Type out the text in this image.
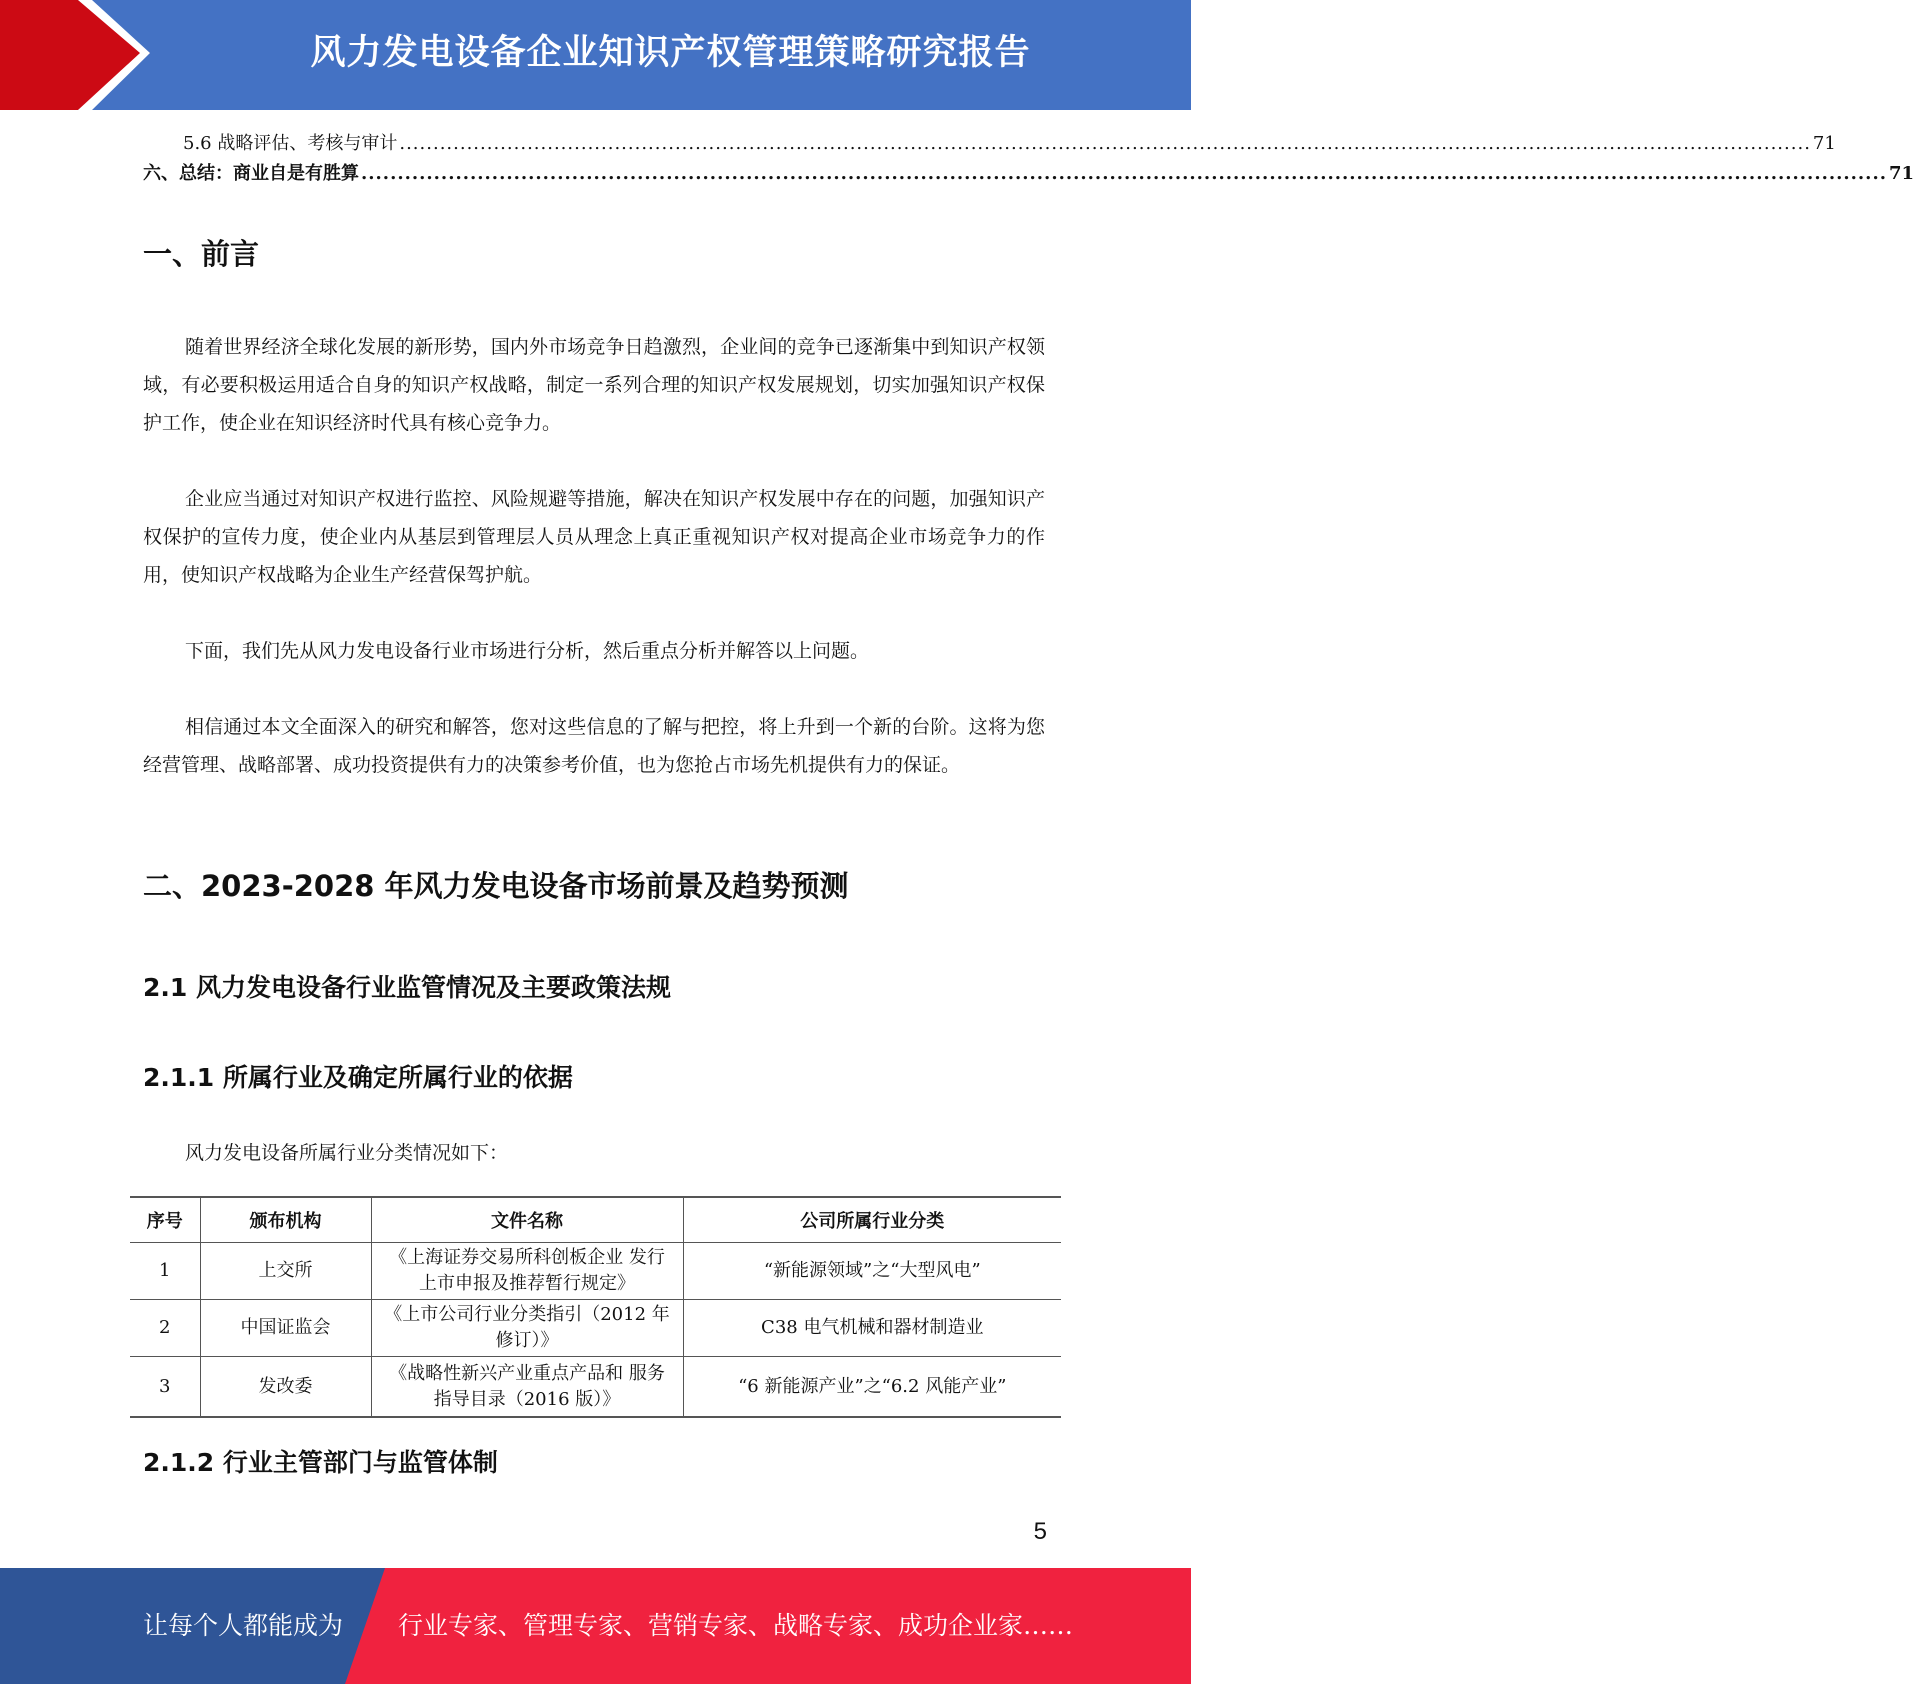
风力发电设备企业知识产权管理策略研究报告
5.6 战略评估、考核与审计 .................................................................................................................................................................................................................. 71
六、总结：商业自是有胜算 .................................................................................................................................................................................................................. 71
一、前言

随着世界经济全球化发展的新形势，国内外市场竞争日趋激烈，企业间的竞争已逐渐集中到知识产权领域，有必要积极运用适合自身的知识产权战略，制定一系列合理的知识产权发展规划，切实加强知识产权保护工作，使企业在知识经济时代具有核心竞争力。

企业应当通过对知识产权进行监控、风险规避等措施，解决在知识产权发展中存在的问题，加强知识产权保护的宣传力度，使企业内从基层到管理层人员从理念上真正重视知识产权对提高企业市场竞争力的作用，使知识产权战略为企业生产经营保驾护航。

下面，我们先从风力发电设备行业市场进行分析，然后重点分析并解答以上问题。

相信通过本文全面深入的研究和解答，您对这些信息的了解与把控，将上升到一个新的台阶。这将为您经营管理、战略部署、成功投资提供有力的决策参考价值，也为您抢占市场先机提供有力的保证。

二、2023-2028 年风力发电设备市场前景及趋势预测
2.1 风力发电设备行业监管情况及主要政策法规
2.1.1 所属行业及确定所属行业的依据

风力发电设备所属行业分类情况如下：

序号	颁布机构	文件名称	公司所属行业分类
1	上交所	《上海证券交易所科创板企业 发行
上市申报及推荐暂行规定》	“新能源领域”之“大型风电”
2	中国证监会	《上市公司行业分类指引（2012 年
修订）》	C38 电气机械和器材制造业
3	发改委	《战略性新兴产业重点产品和 服务
指导目录（2016 版）》	“6 新能源产业”之“6.2 风能产业”
2.1.2 行业主管部门与监管体制
5
让每个人都能成为 行业专家、管理专家、营销专家、战略专家、成功企业家……
